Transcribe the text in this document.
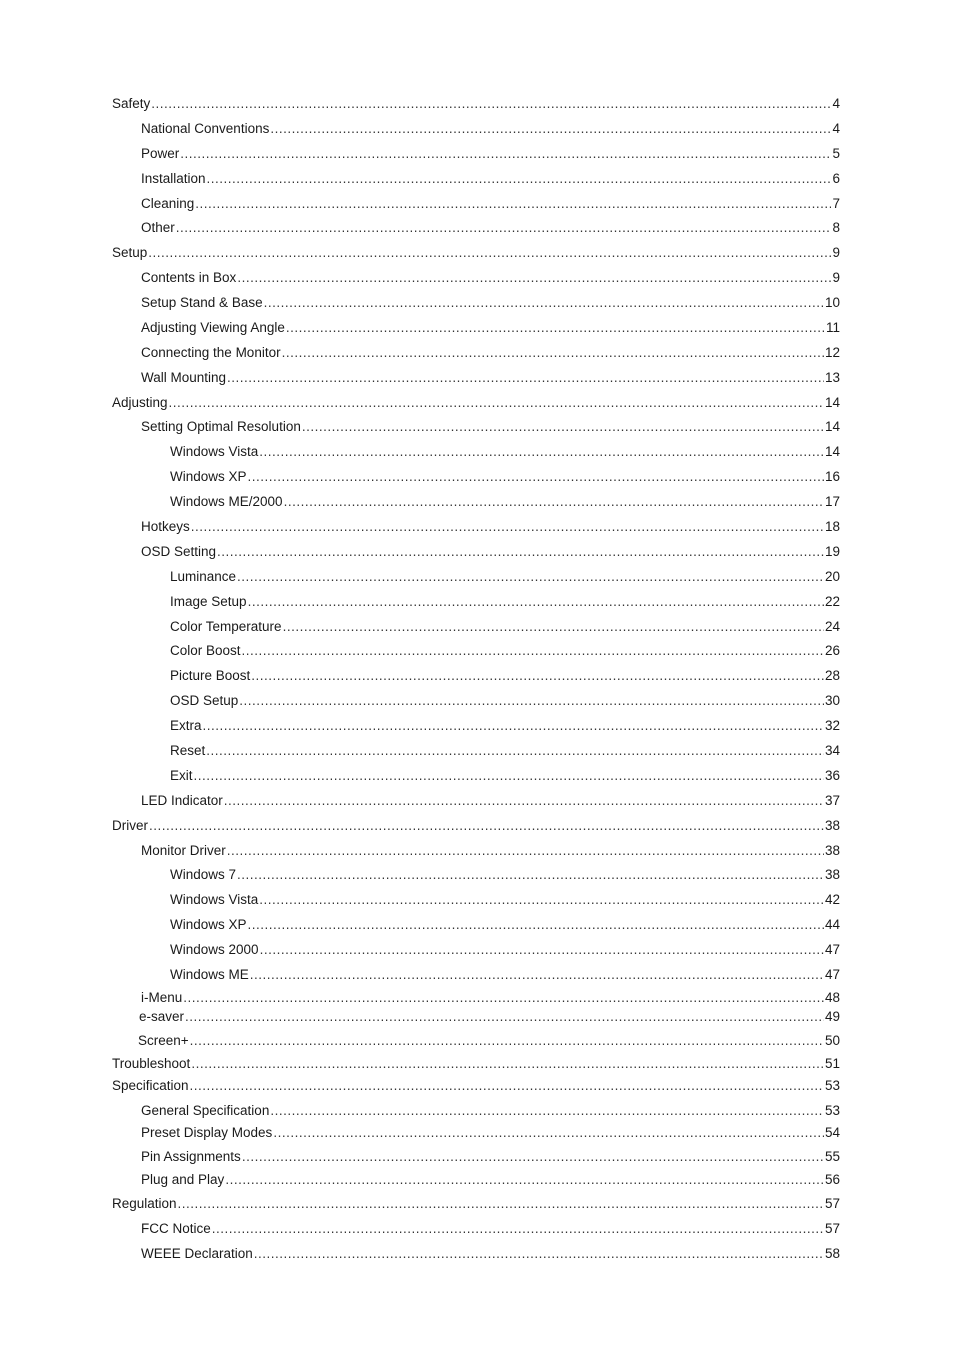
Safety .....	4
National Conventions .....	4
Power .....	5
Installation .....	6
Cleaning .....	7
Other .....	8
Setup .....	9
Contents in Box .....	9
Setup Stand & Base .....	10
Adjusting Viewing Angle .....	11
Connecting the Monitor .....	12
Wall Mounting .....	13
Adjusting .....	14
Setting Optimal Resolution .....	14
Windows Vista .....	14
Windows XP .....	16
Windows ME/2000 .....	17
Hotkeys .....	18
OSD Setting .....	19
Luminance .....	20
Image Setup .....	22
Color Temperature .....	24
Color Boost .....	26
Picture Boost .....	28
OSD Setup .....	30
Extra .....	32
Reset .....	34
Exit .....	36
LED Indicator .....	37
Driver .....	38
Monitor Driver .....	38
Windows 7 .....	38
Windows Vista .....	42
Windows XP .....	44
Windows 2000 .....	47
Windows ME .....	47
i-Menu .....	48
e-saver .....	49
Screen+ .....	50
Troubleshoot .....	51
Specification .....	53
General Specification .....	53
Preset Display Modes .....	54
Pin Assignments .....	55
Plug and Play .....	56
Regulation .....	57
FCC Notice .....	57
WEEE Declaration .....	58
